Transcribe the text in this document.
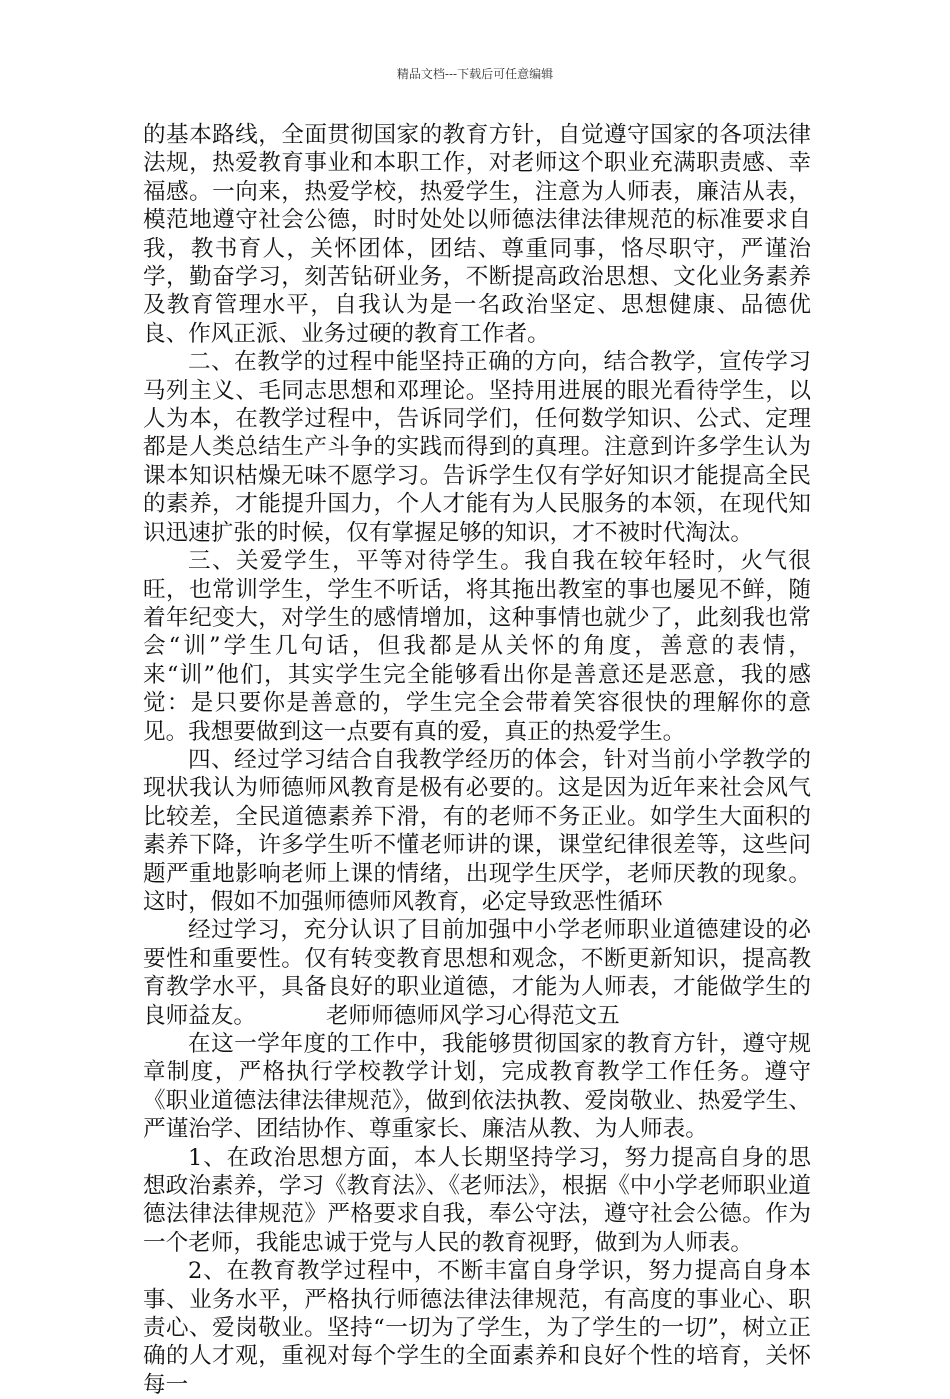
精品文档---下载后可任意编辑

的基本路线，全面贯彻国家的教育方针，自觉遵守国家的各项法律法规，热爱教育事业和本职工作，对老师这个职业充满职责感、幸福感。一向来，热爱学校，热爱学生，注意为人师表，廉洁从表，模范地遵守社会公德，时时处处以师德法律法律规范的标准要求自我，教书育人，关怀团体，团结、尊重同事，恪尽职守，严谨治学，勤奋学习，刻苦钻研业务，不断提高政治思想、文化业务素养及教育管理水平，自我认为是一名政治坚定、思想健康、品德优良、作风正派、业务过硬的教育工作者。

二、在教学的过程中能坚持正确的方向，结合教学，宣传学习马列主义、毛同志思想和邓理论。坚持用进展的眼光看待学生，以人为本，在教学过程中，告诉同学们，任何数学知识、公式、定理都是人类总结生产斗争的实践而得到的真理。注意到许多学生认为课本知识枯燥无味不愿学习。告诉学生仅有学好知识才能提高全民的素养，才能提升国力，个人才能有为人民服务的本领，在现代知识迅速扩张的时候，仅有掌握足够的知识，才不被时代淘汰。

三、关爱学生，平等对待学生。我自我在较年轻时，火气很旺，也常训学生，学生不听话，将其拖出教室的事也屡见不鲜，随着年纪变大，对学生的感情增加，这种事情也就少了，此刻我也常会“训”学生几句话，但我都是从关怀的角度，善意的表情，来“训”他们，其实学生完全能够看出你是善意还是恶意，我的感觉：是只要你是善意的，学生完全会带着笑容很快的理解你的意见。我想要做到这一点要有真的爱，真正的热爱学生。

四、经过学习结合自我教学经历的体会，针对当前小学教学的现状我认为师德师风教育是极有必要的。这是因为近年来社会风气比较差，全民道德素养下滑，有的老师不务正业。如学生大面积的素养下降，许多学生听不懂老师讲的课，课堂纪律很差等，这些问题严重地影响老师上课的情绪，出现学生厌学，老师厌教的现象。这时，假如不加强师德师风教育，必定导致恶性循环

经过学习，充分认识了目前加强中小学老师职业道德建设的必要性和重要性。仅有转变教育思想和观念，不断更新知识，提高教育教学水平，具备良好的职业道德，才能为人师表，才能做学生的良师益友。	老师师德师风学习心得范文五

在这一学年度的工作中，我能够贯彻国家的教育方针，遵守规章制度，严格执行学校教学计划，完成教育教学工作任务。遵守《职业道德法律法律规范》，做到依法执教、爱岗敬业、热爱学生、严谨治学、团结协作、尊重家长、廉洁从教、为人师表。

1、在政治思想方面，本人长期坚持学习，努力提高自身的思想政治素养，学习《教育法》、《老师法》，根据《中小学老师职业道德法律法律规范》严格要求自我，奉公守法，遵守社会公德。作为一个老师，我能忠诚于党与人民的教育视野，做到为人师表。

2、在教育教学过程中，不断丰富自身学识，努力提高自身本事、业务水平，严格执行师德法律法律规范，有高度的事业心、职责心、爱岗敬业。坚持“一切为了学生，为了学生的一切”，树立正确的人才观，重视对每个学生的全面素养和良好个性的培育，关怀每一
